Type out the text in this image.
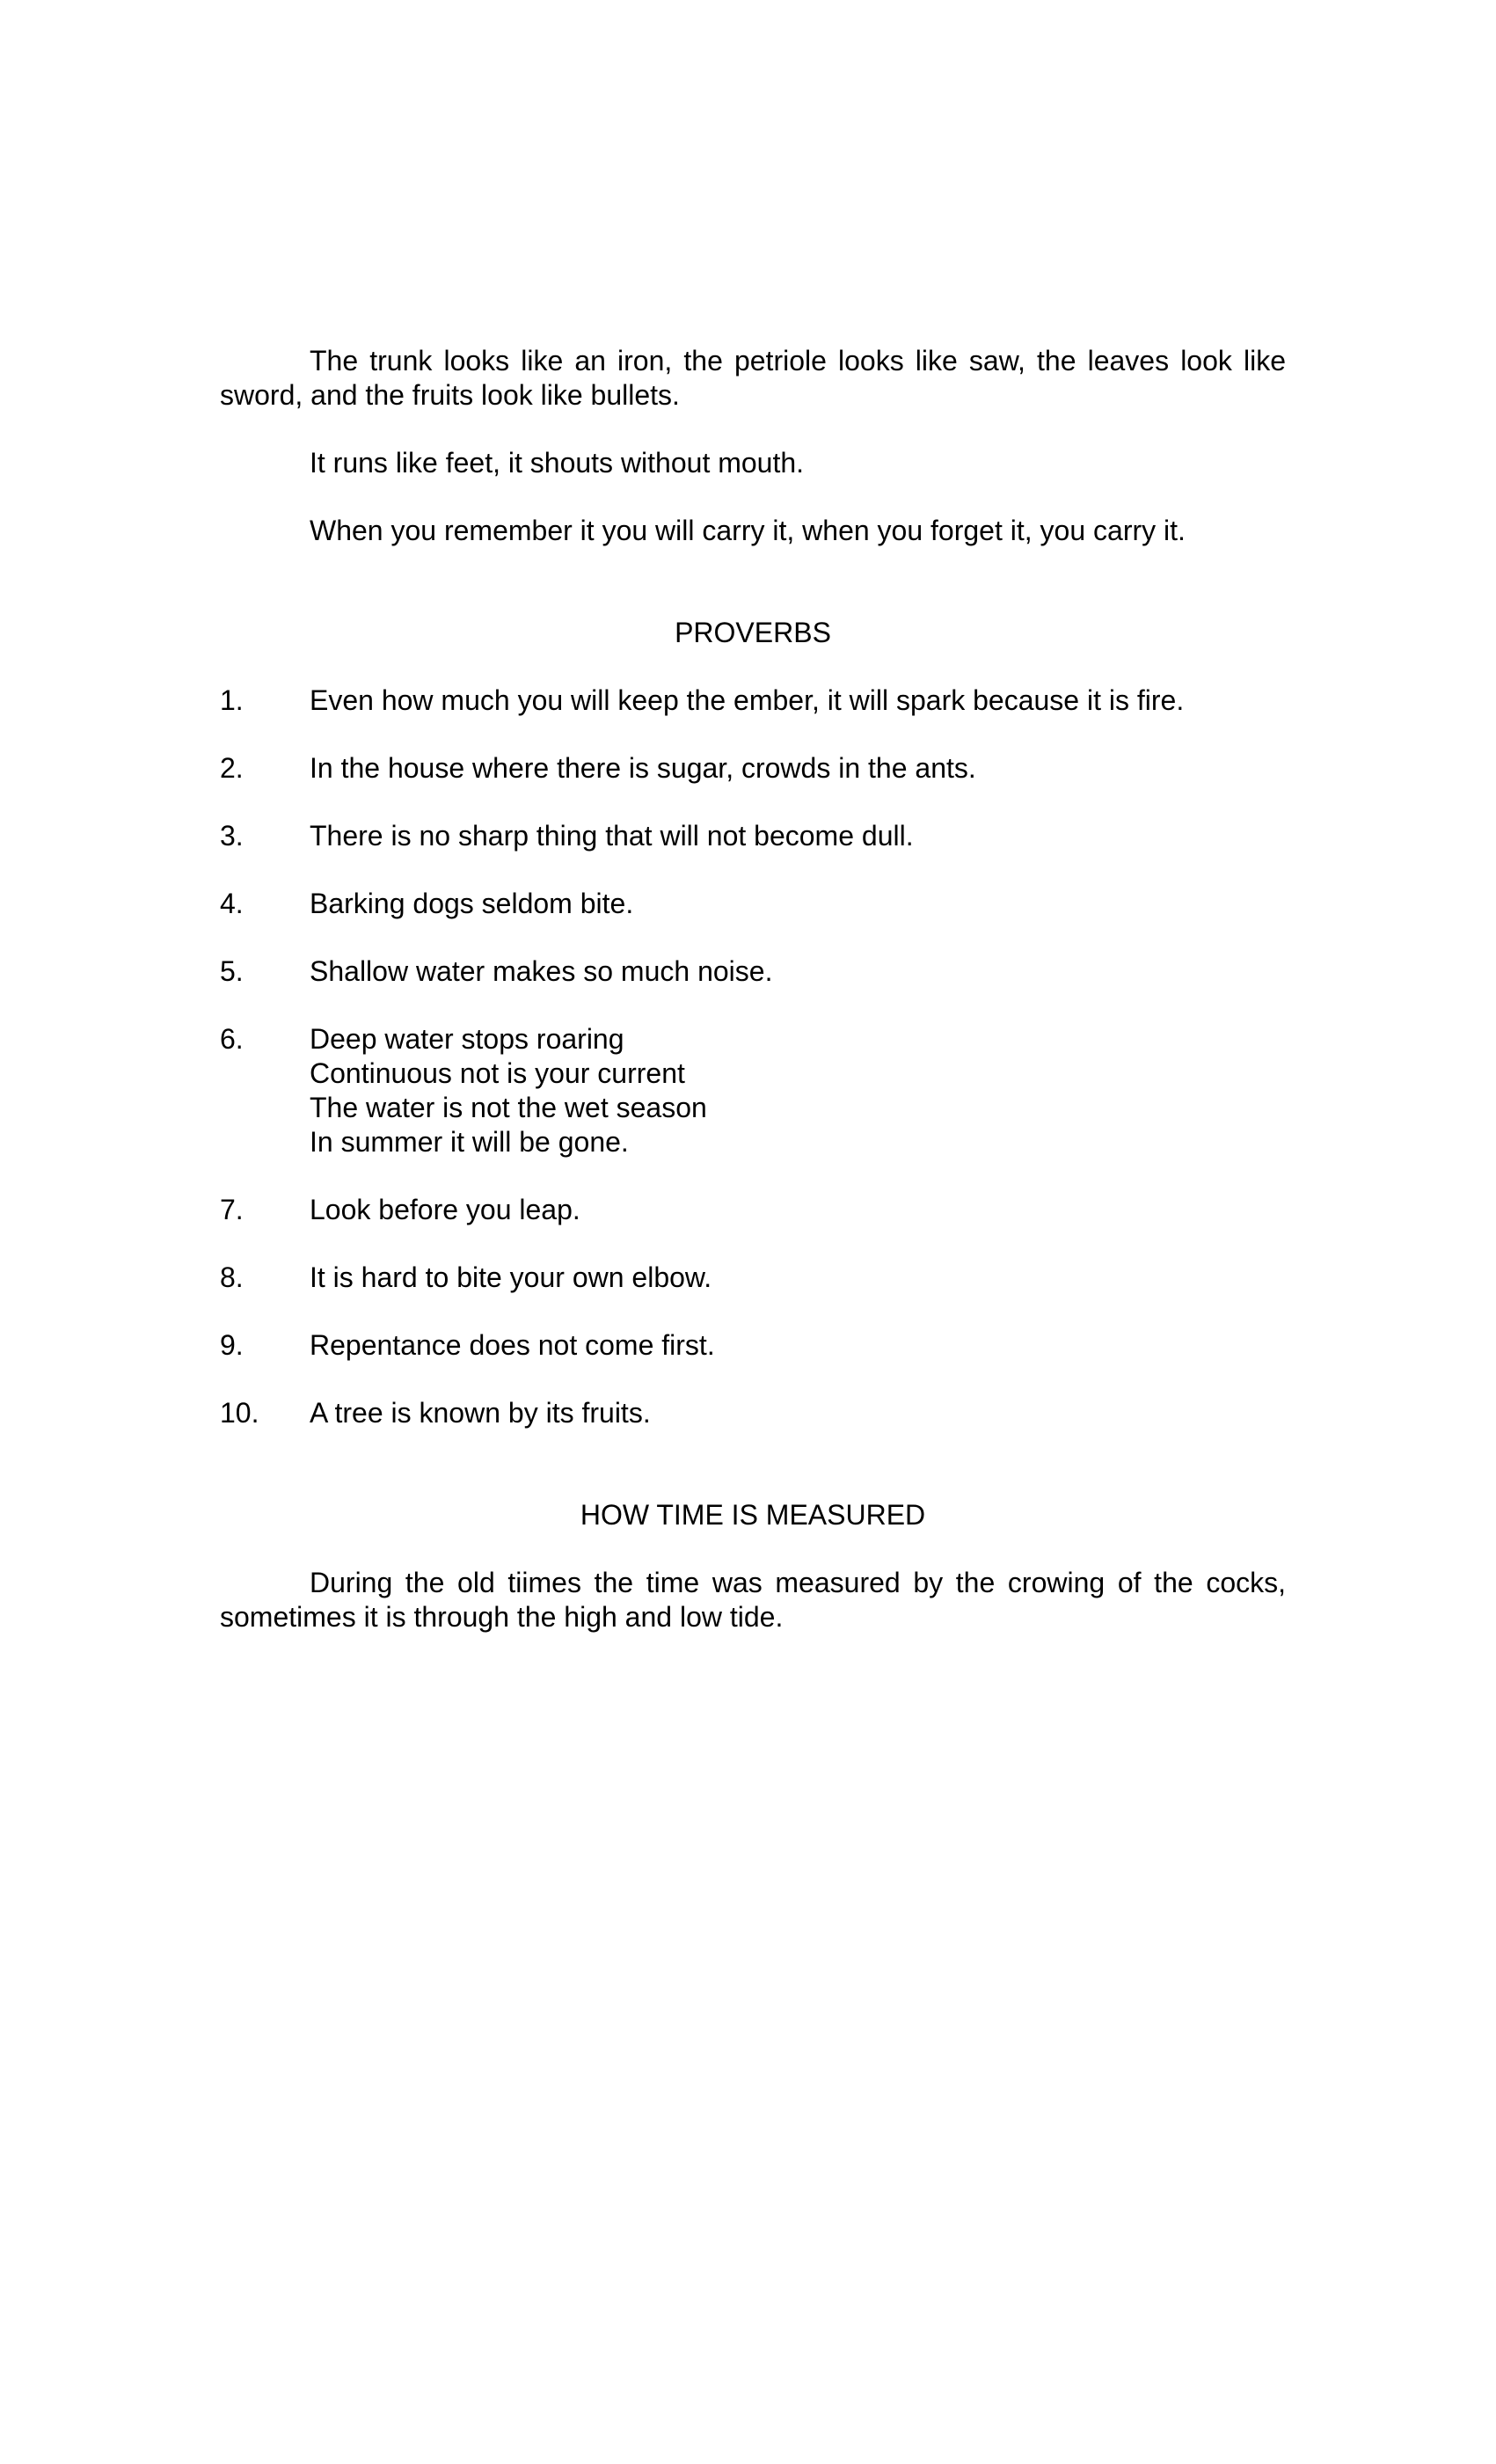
The trunk looks like an iron, the petriole looks like saw, the leaves look like sword, and the fruits look like bullets.

It runs like feet, it shouts without mouth.

When you remember it you will carry it, when you forget it, you carry it.

PROVERBS
1.	Even how much you will keep the ember, it will spark because it is fire.
2.	In the house where there is sugar, crowds in the ants.
3.	There is no sharp thing that will not become dull.
4.	Barking dogs seldom bite.
5.	Shallow water makes so much noise.
6.	Deep water stops roaring
Continuous not is your current
The water is not the wet season
In summer it will be gone.
7.	Look before you leap.
8.	It is hard to bite your own elbow.
9.	Repentance does not come first.
10.	A tree is known by its fruits.
HOW TIME IS MEASURED

During the old tiimes the time was measured by the crowing of the cocks, sometimes it is through the high and low tide.
